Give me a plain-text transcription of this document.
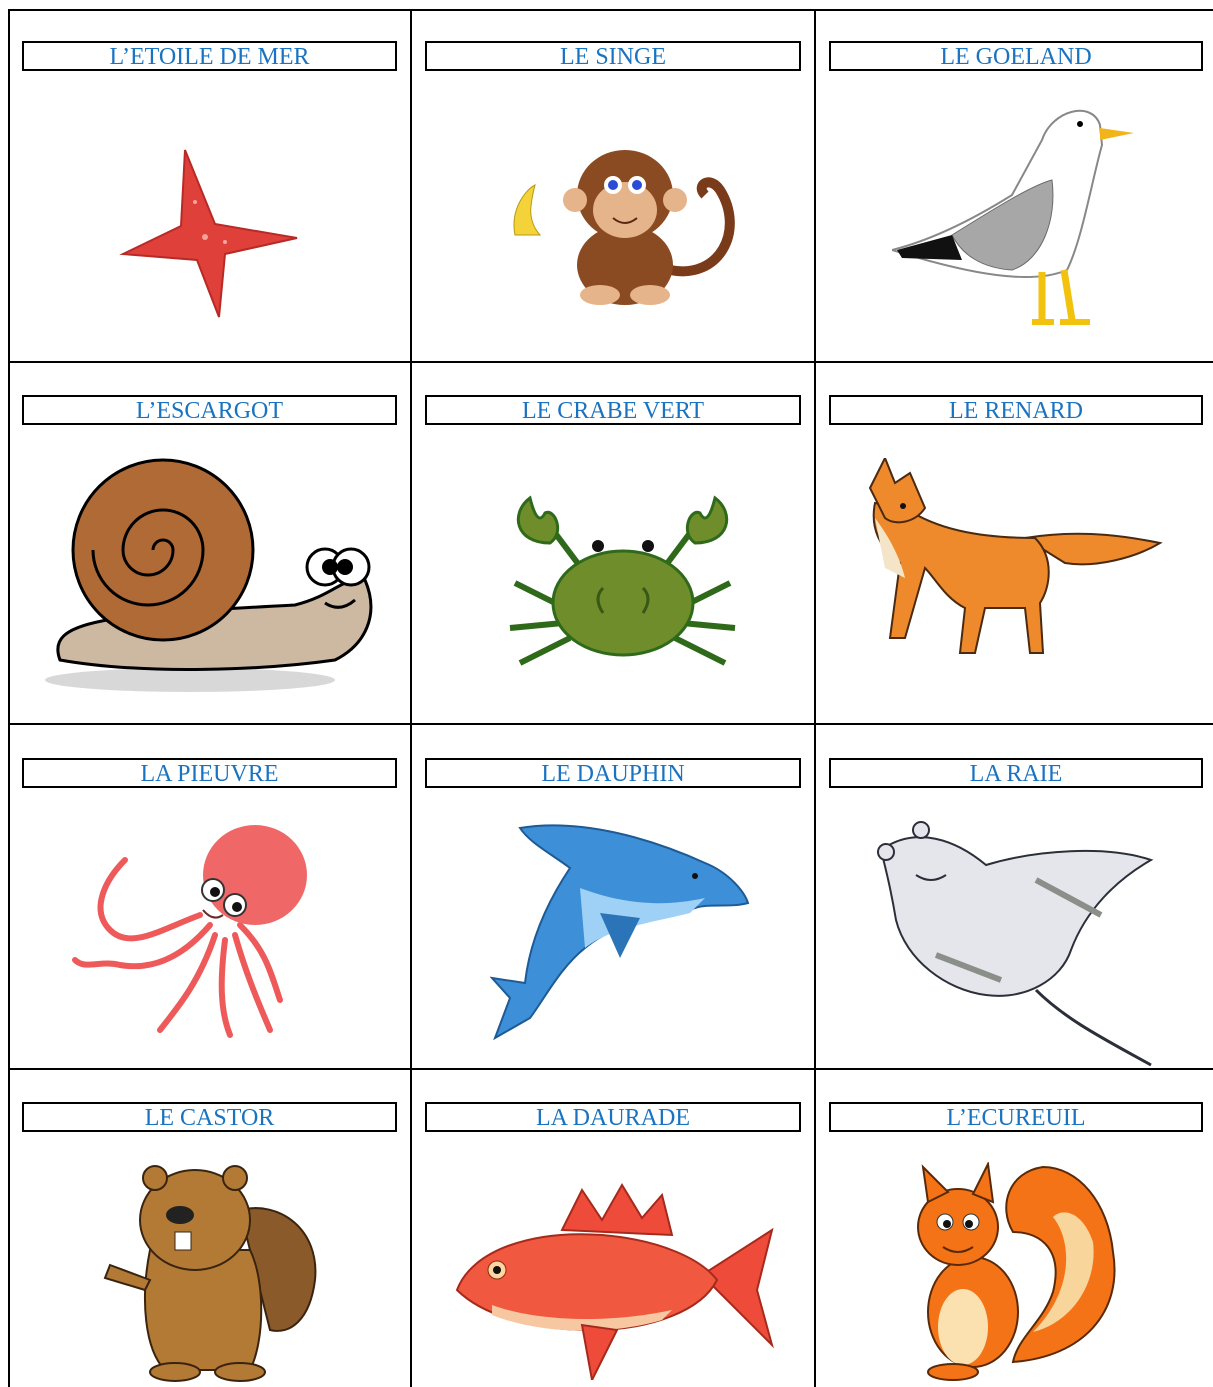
L’ETOILE DE MER	LE SINGE	LE GOELAND
L’ESCARGOT	LE CRABE VERT	LE RENARD
LA PIEUVRE	LE DAUPHIN	LA RAIE
LE CASTOR	LA DAURADE	L’ECUREUIL
